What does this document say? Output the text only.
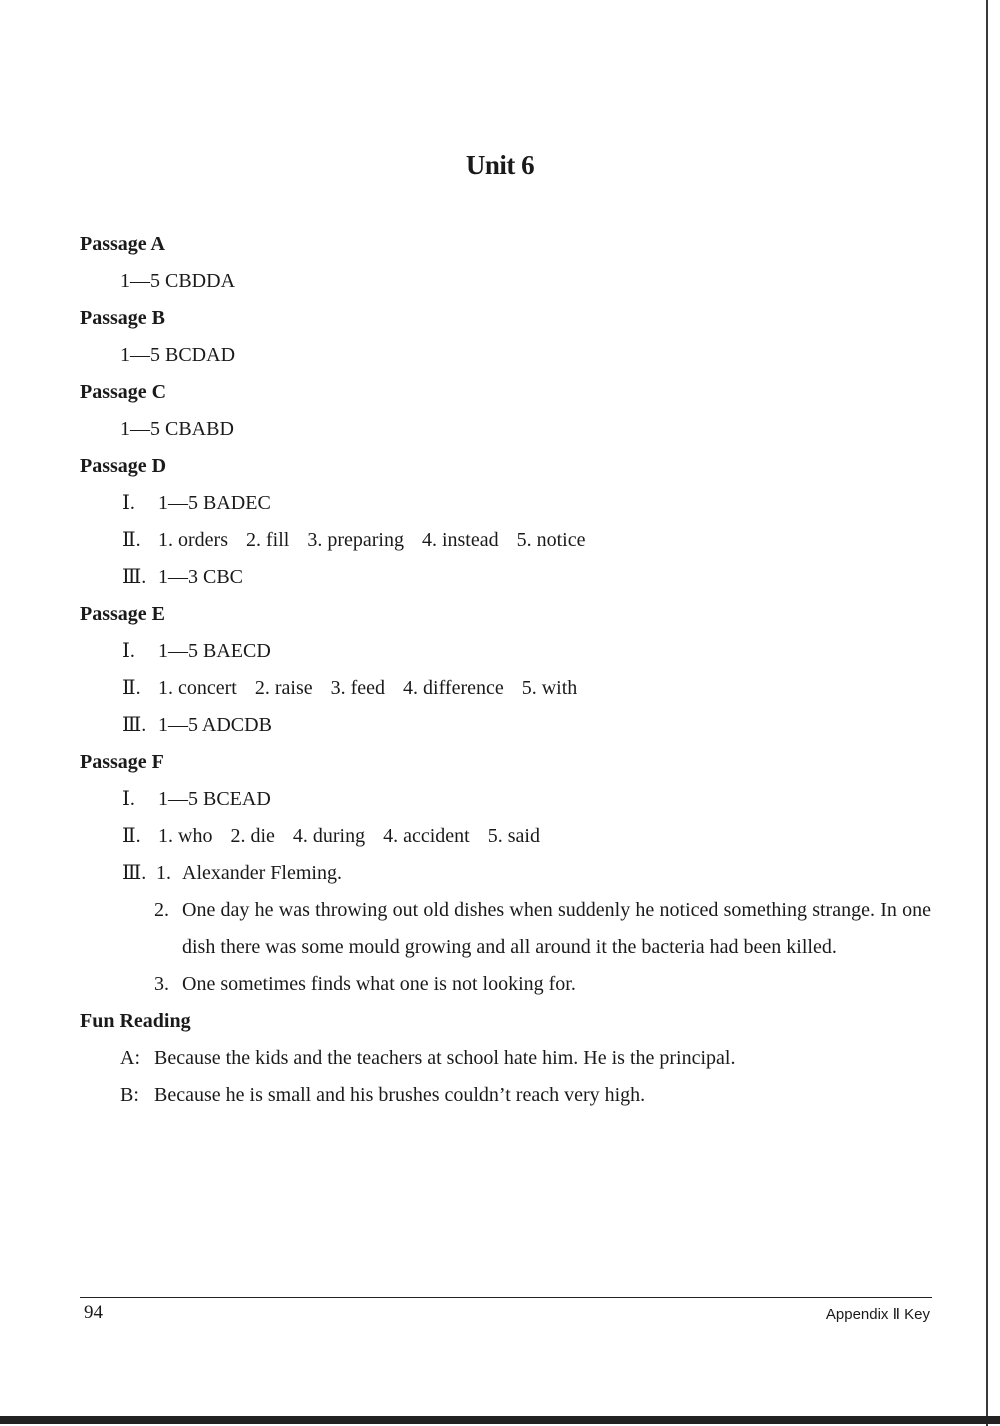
Unit 6
Passage A
1—5 CBDDA
Passage B
1—5 BCDAD
Passage C
1—5 CBABD
Passage D
Ⅰ. 1—5 BADEC
Ⅱ. 1. orders 2. fill 3. preparing 4. instead 5. notice
Ⅲ. 1—3 CBC
Passage E
Ⅰ. 1—5 BAECD
Ⅱ. 1. concert 2. raise 3. feed 4. difference 5. with
Ⅲ. 1—5 ADCDB
Passage F
Ⅰ. 1—5 BCEAD
Ⅱ. 1. who 2. die 4. during 4. accident 5. said
Ⅲ. 1. Alexander Fleming.
2. One day he was throwing out old dishes when suddenly he noticed something strange. In one dish there was some mould growing and all around it the bacteria had been killed.
3. One sometimes finds what one is not looking for.
Fun Reading
A: Because the kids and the teachers at school hate him. He is the principal.
B: Because he is small and his brushes couldn’t reach very high.
94	Appendix Ⅱ Key
